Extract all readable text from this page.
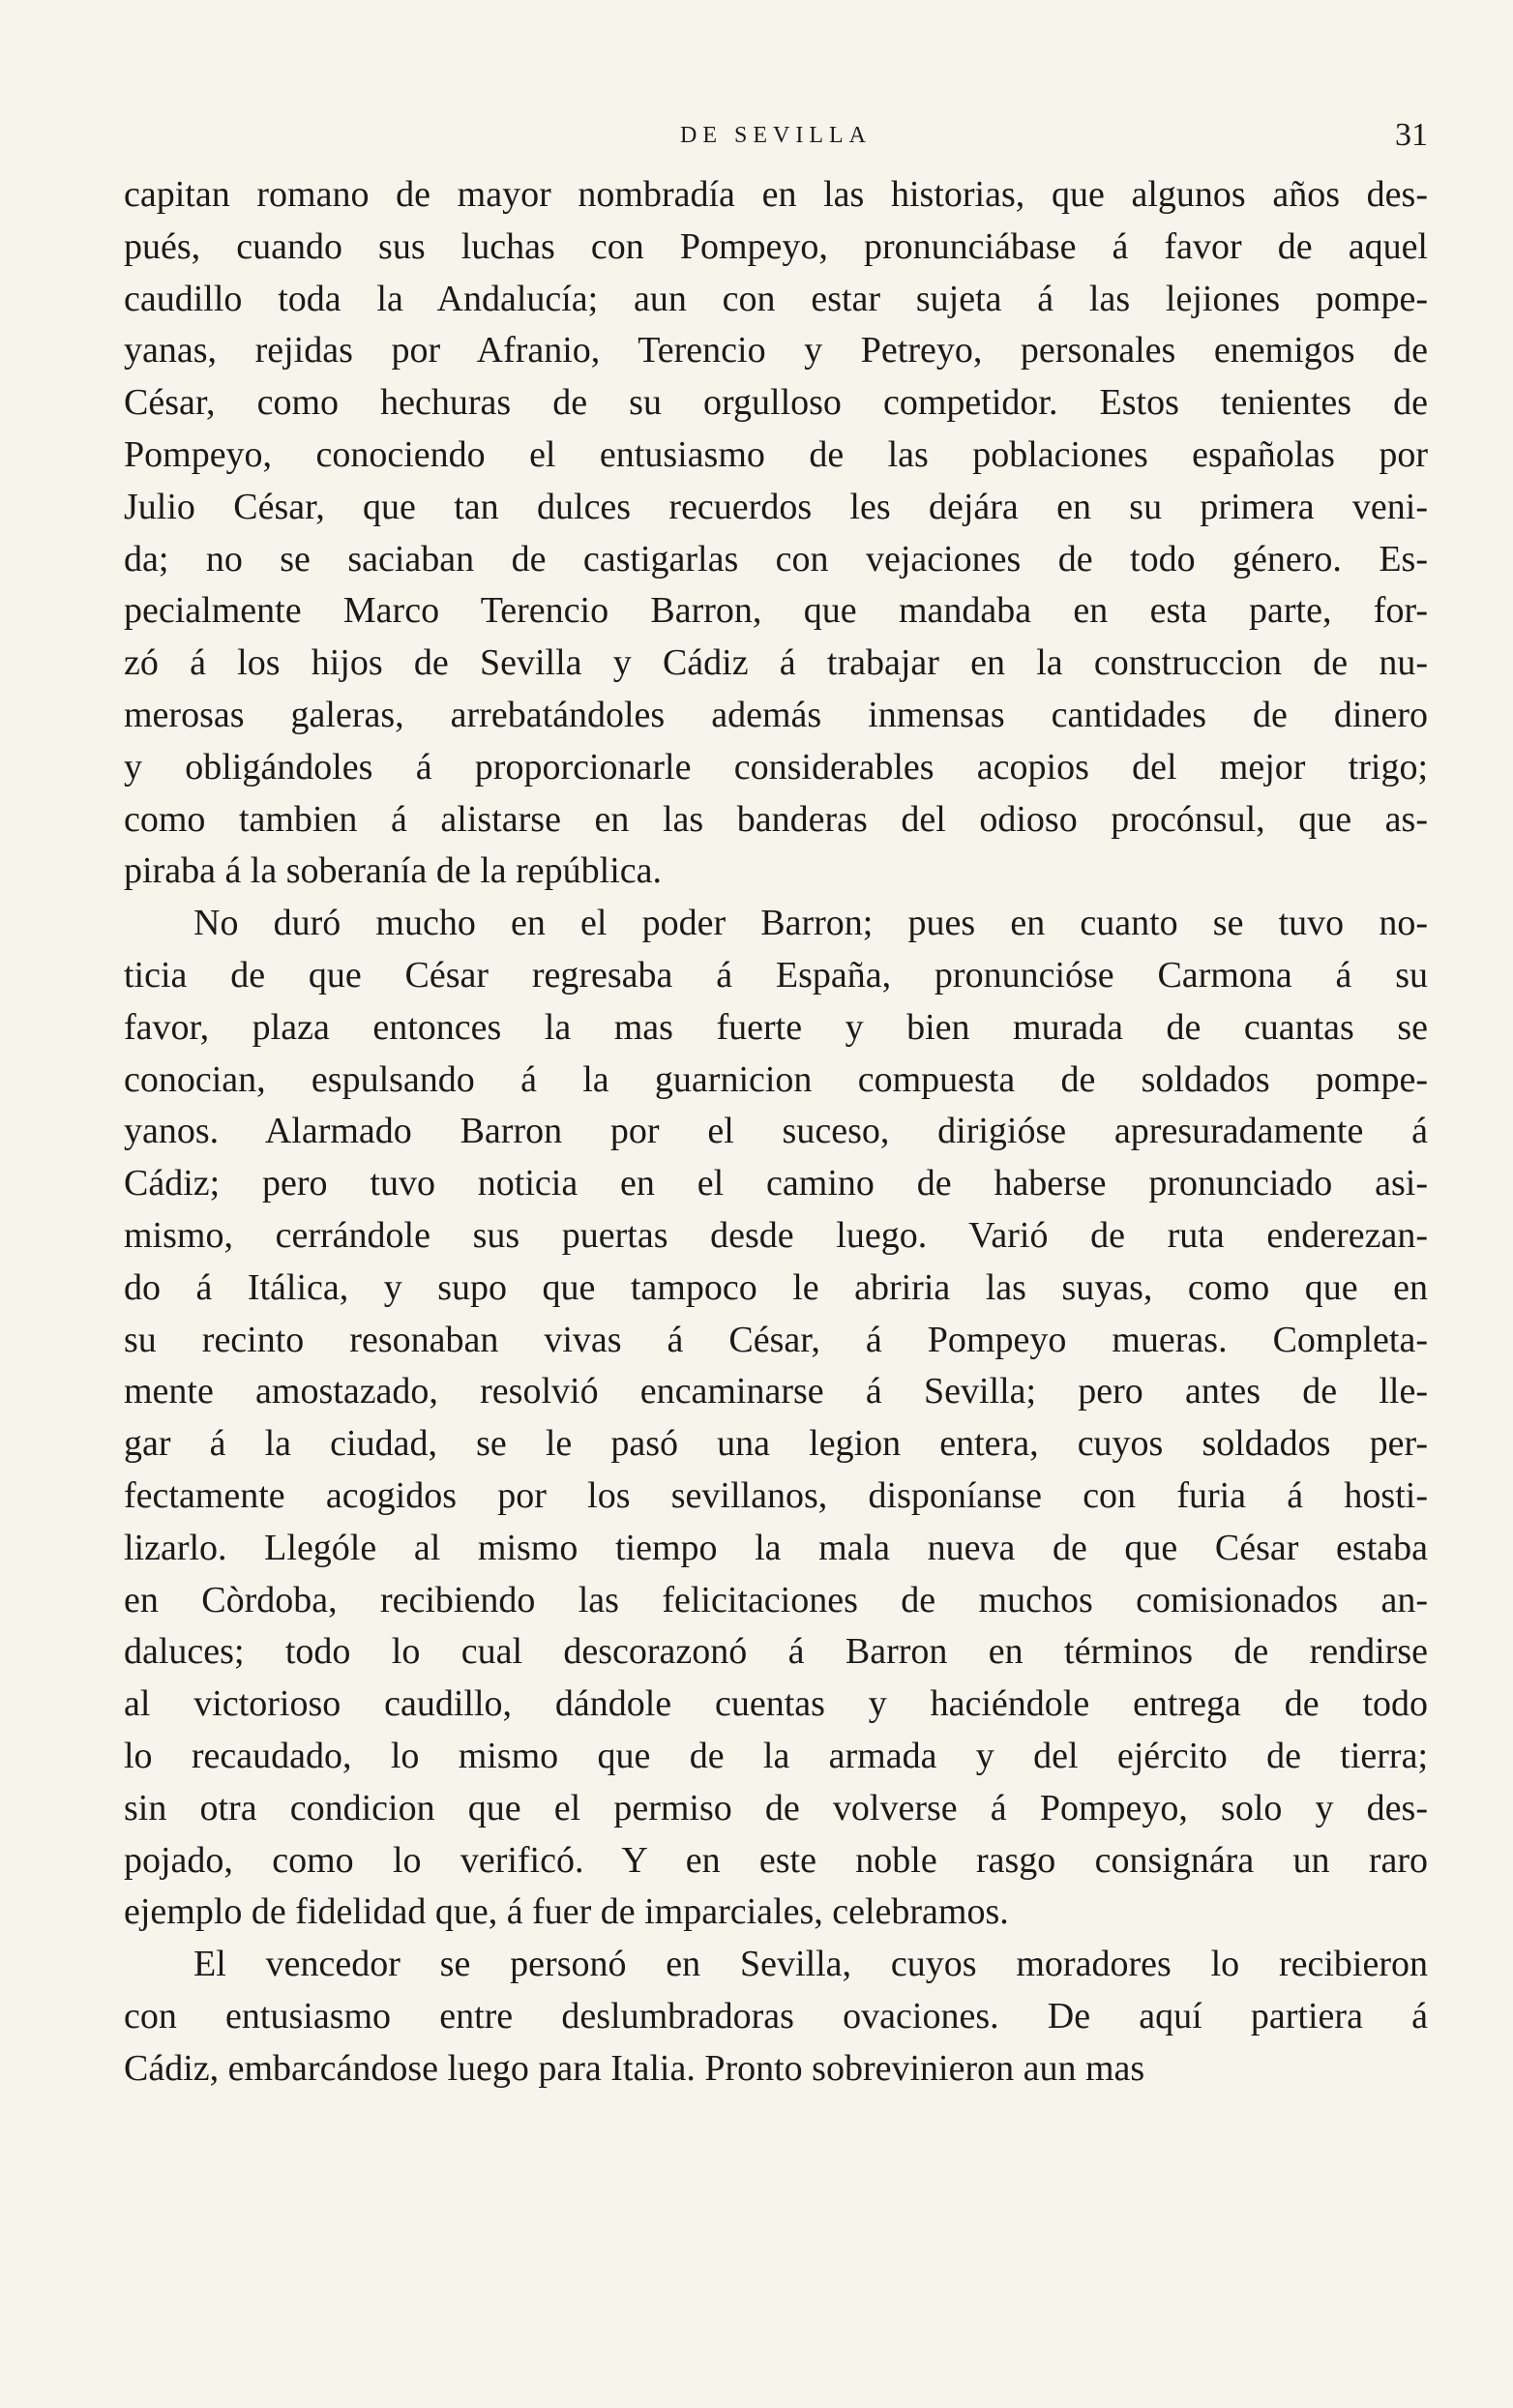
DE SEVILLA	31
capitan romano de mayor nombradía en las historias, que algunos años des-
pués, cuando sus luchas con Pompeyo, pronunciábase á favor de aquel
caudillo toda la Andalucía; aun con estar sujeta á las lejiones pompe-
yanas, rejidas por Afranio, Terencio y Petreyo, personales enemigos de
César, como hechuras de su orgulloso competidor. Estos tenientes de
Pompeyo, conociendo el entusiasmo de las poblaciones españolas por
Julio César, que tan dulces recuerdos les dejára en su primera veni-
da; no se saciaban de castigarlas con vejaciones de todo género. Es-
pecialmente Marco Terencio Barron, que mandaba en esta parte, for-
zó á los hijos de Sevilla y Cádiz á trabajar en la construccion de nu-
merosas galeras, arrebatándoles además inmensas cantidades de dinero
y obligándoles á proporcionarle considerables acopios del mejor trigo;
como tambien á alistarse en las banderas del odioso procónsul, que as-
piraba á la soberanía de la república.
No duró mucho en el poder Barron; pues en cuanto se tuvo no-
ticia de que César regresaba á España, pronuncióse Carmona á su
favor, plaza entonces la mas fuerte y bien murada de cuantas se
conocian, espulsando á la guarnicion compuesta de soldados pompe-
yanos. Alarmado Barron por el suceso, dirigióse apresuradamente á
Cádiz; pero tuvo noticia en el camino de haberse pronunciado asi-
mismo, cerrándole sus puertas desde luego. Varió de ruta enderezan-
do á Itálica, y supo que tampoco le abriria las suyas, como que en
su recinto resonaban vivas á César, á Pompeyo mueras. Completa-
mente amostazado, resolvió encaminarse á Sevilla; pero antes de lle-
gar á la ciudad, se le pasó una legion entera, cuyos soldados per-
fectamente acogidos por los sevillanos, disponíanse con furia á hosti-
lizarlo. Llególe al mismo tiempo la mala nueva de que César estaba
en Còrdoba, recibiendo las felicitaciones de muchos comisionados an-
daluces; todo lo cual descorazonó á Barron en términos de rendirse
al victorioso caudillo, dándole cuentas y haciéndole entrega de todo
lo recaudado, lo mismo que de la armada y del ejército de tierra;
sin otra condicion que el permiso de volverse á Pompeyo, solo y des-
pojado, como lo verificó. Y en este noble rasgo consignára un raro
ejemplo de fidelidad que, á fuer de imparciales, celebramos.
El vencedor se personó en Sevilla, cuyos moradores lo recibieron
con entusiasmo entre deslumbradoras ovaciones. De aquí partiera á
Cádiz, embarcándose luego para Italia. Pronto sobrevinieron aun mas
